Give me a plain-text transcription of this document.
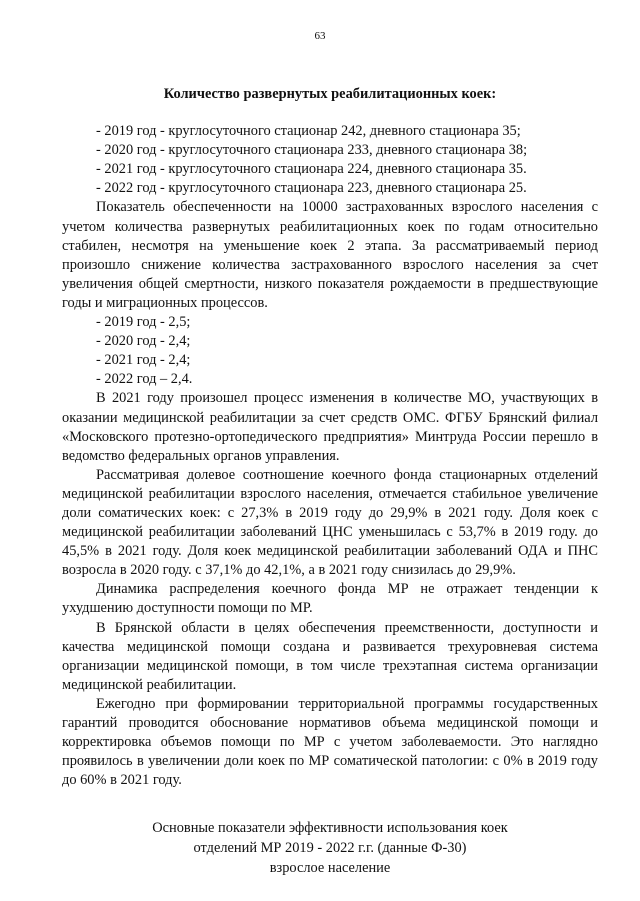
63
Количество развернутых реабилитационных коек:
- 2019 год - круглосуточного стационар 242, дневного стационара 35;
- 2020 год - круглосуточного стационара 233, дневного стационара 38;
- 2021 год - круглосуточного стационара 224, дневного стационара 35.
- 2022 год - круглосуточного стационара 223, дневного стационара 25.

Показатель обеспеченности на 10000 застрахованных взрослого населения с учетом количества развернутых реабилитационных коек по годам относительно стабилен, несмотря на уменьшение коек 2 этапа. За рассматриваемый период произошло снижение количества застрахованного взрослого населения за счет увеличения общей смертности, низкого показателя рождаемости в предшествующие годы и миграционных процессов.

- 2019 год - 2,5;
- 2020 год - 2,4;
- 2021 год - 2,4;
- 2022 год – 2,4.

В 2021 году произошел процесс изменения в количестве МО, участвующих в оказании медицинской реабилитации за счет средств ОМС. ФГБУ Брянский филиал «Московского протезно-ортопедического предприятия» Минтруда России перешло в ведомство федеральных органов управления.

Рассматривая долевое соотношение коечного фонда стационарных отделений медицинской реабилитации взрослого населения, отмечается стабильное увеличение доли соматических коек: с 27,3% в 2019 году до 29,9% в 2021 году. Доля коек с медицинской реабилитации заболеваний ЦНС уменьшилась с 53,7% в 2019 году. до 45,5% в 2021 году. Доля коек медицинской реабилитации заболеваний ОДА и ПНС возросла в 2020 году. с 37,1% до 42,1%, а в 2021 году снизилась до 29,9%.

Динамика распределения коечного фонда МР не отражает тенденции к ухудшению доступности помощи по МР.

В Брянской области в целях обеспечения преемственности, доступности и качества медицинской помощи создана и развивается трехуровневая система организации медицинской помощи, в том числе трехэтапная система организации медицинской реабилитации.

Ежегодно при формировании территориальной программы государственных гарантий проводится обоснование нормативов объема медицинской помощи и корректировка объемов помощи по МР с учетом заболеваемости. Это наглядно проявилось в увеличении доли коек по МР соматической патологии: с 0% в 2019 году до 60% в 2021 году.

Основные показатели эффективности использования коек
отделений МР 2019 - 2022 г.г. (данные Ф-30)
взрослое население
